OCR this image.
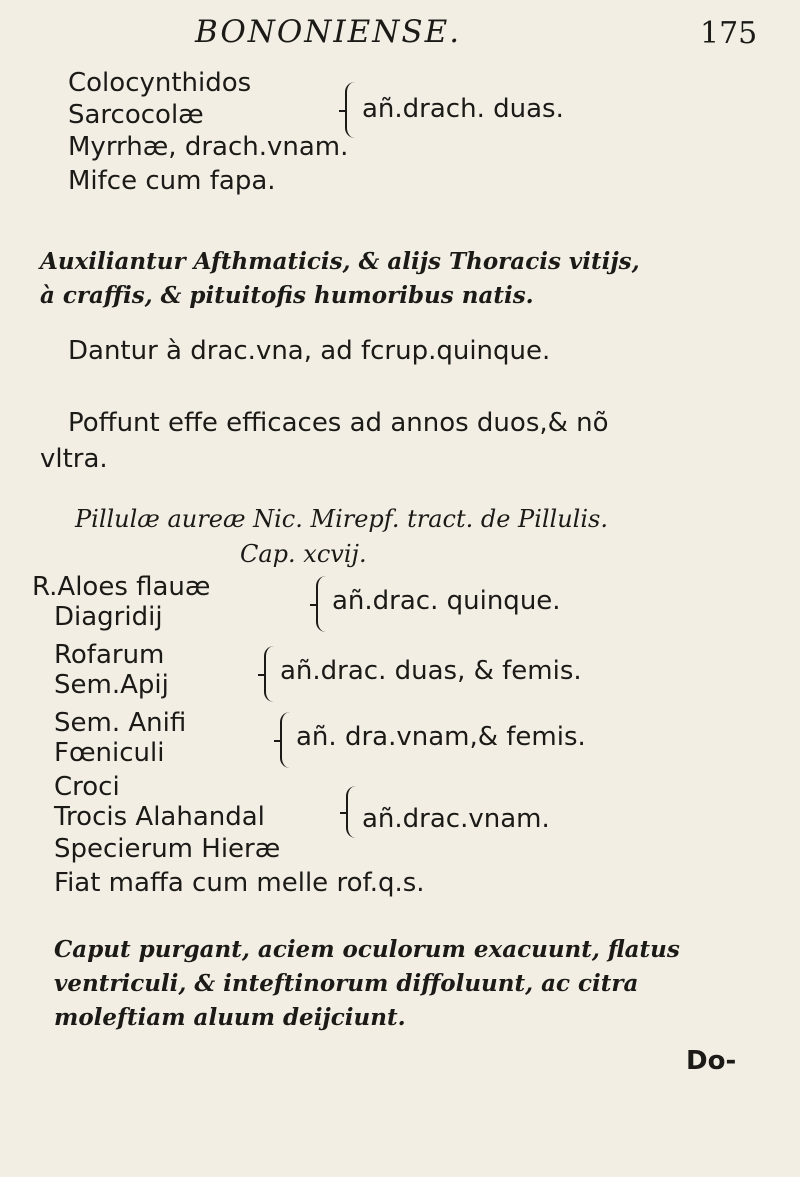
BONONIENSE.	175
Colocynthidos
Sarcocolæ	añ.drach. duas.
Myrrhæ, drach.vnam.
Mifce cum fapa.
Auxiliantur Afthmaticis, & alijs Thoracis vitijs,
à craffis, & pituitofis humoribus natis.
Dantur à drac.vna, ad fcrup.quinque.
Poffunt effe efficaces ad annos duos,& nõ
vltra.
Pillulæ aureæ Nic. Mirepf. tract. de Pillulis.
Cap. xcvij.
R.Aloes flauæ
Diagridij
añ.drac. quinque.
Rofarum
Sem.Apij	añ.drac. duas, & femis.
Sem. Anifi
Fœniculi
añ. dra.vnam,& femis.
Croci
Trocis Alahandal
Specierum Hieræ
añ.drac.vnam.
Fiat maffa cum melle rof.q.s.
Caput purgant, aciem oculorum exacuunt, flatus
ventriculi, & inteftinorum diffoluunt, ac citra
moleftiam aluum deijciunt.
Do-
